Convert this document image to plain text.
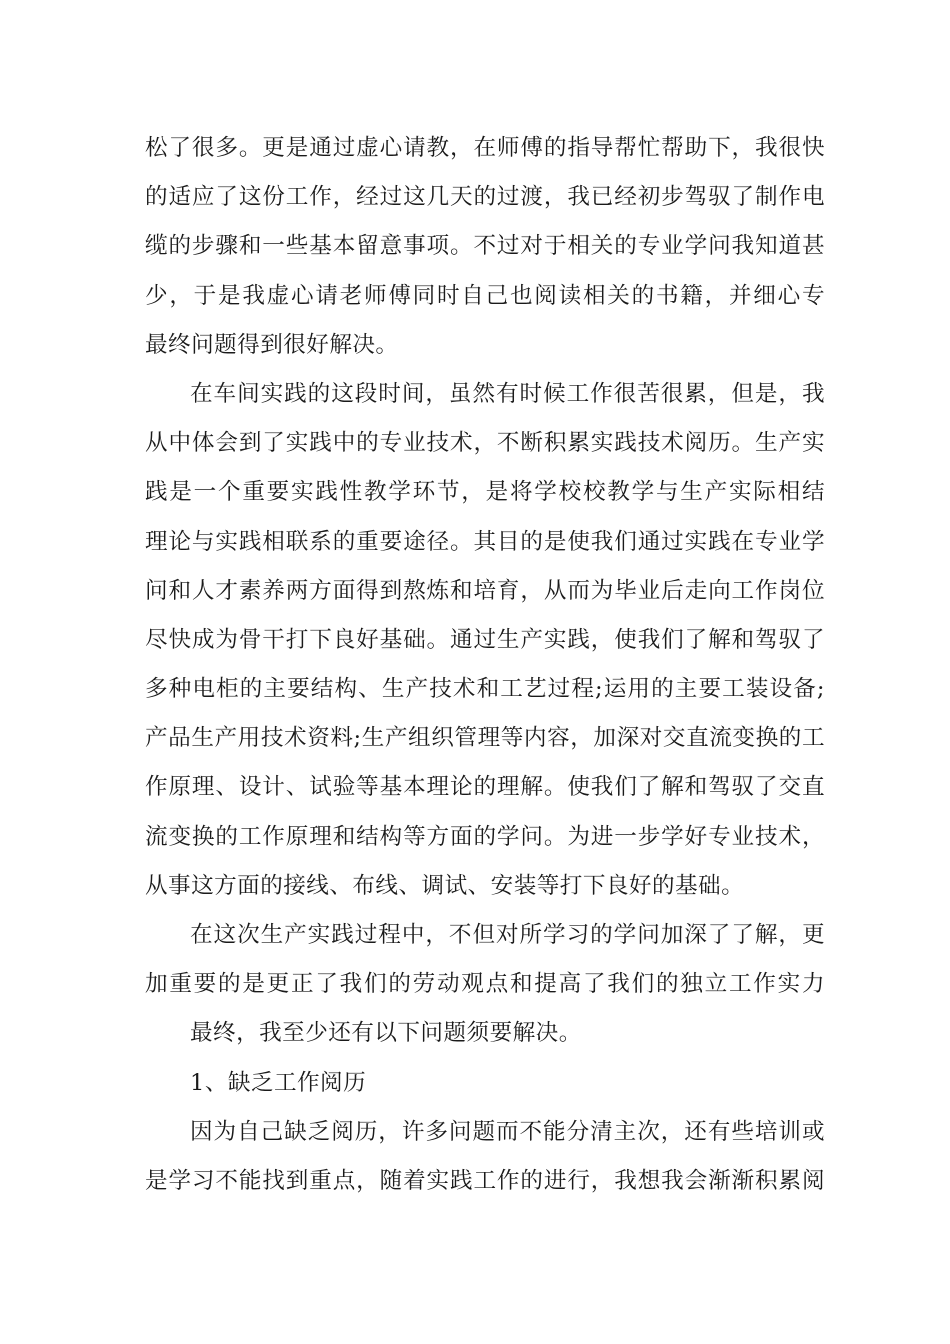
松了很多。更是通过虚心请教，在师傅的指导帮忙帮助下，我很快
的适应了这份工作，经过这几天的过渡，我已经初步驾驭了制作电
缆的步骤和一些基本留意事项。不过对于相关的专业学问我知道甚
少，于是我虚心请老师傅同时自己也阅读相关的书籍，并细心专
最终问题得到很好解决。
在车间实践的这段时间，虽然有时候工作很苦很累，但是，我
从中体会到了实践中的专业技术，不断积累实践技术阅历。生产实
践是一个重要实践性教学环节，是将学校校教学与生产实际相结
理论与实践相联系的重要途径。其目的是使我们通过实践在专业学
问和人才素养两方面得到熬炼和培育，从而为毕业后走向工作岗位
尽快成为骨干打下良好基础。通过生产实践，使我们了解和驾驭了
多种电柜的主要结构、生产技术和工艺过程;运用的主要工装设备;
产品生产用技术资料;生产组织管理等内容，加深对交直流变换的工
作原理、设计、试验等基本理论的理解。使我们了解和驾驭了交直
流变换的工作原理和结构等方面的学问。为进一步学好专业技术，
从事这方面的接线、布线、调试、安装等打下良好的基础。
在这次生产实践过程中，不但对所学习的学问加深了了解，更
加重要的是更正了我们的劳动观点和提高了我们的独立工作实力
最终，我至少还有以下问题须要解决。
1、缺乏工作阅历
因为自己缺乏阅历，许多问题而不能分清主次，还有些培训或
是学习不能找到重点，随着实践工作的进行，我想我会渐渐积累阅
